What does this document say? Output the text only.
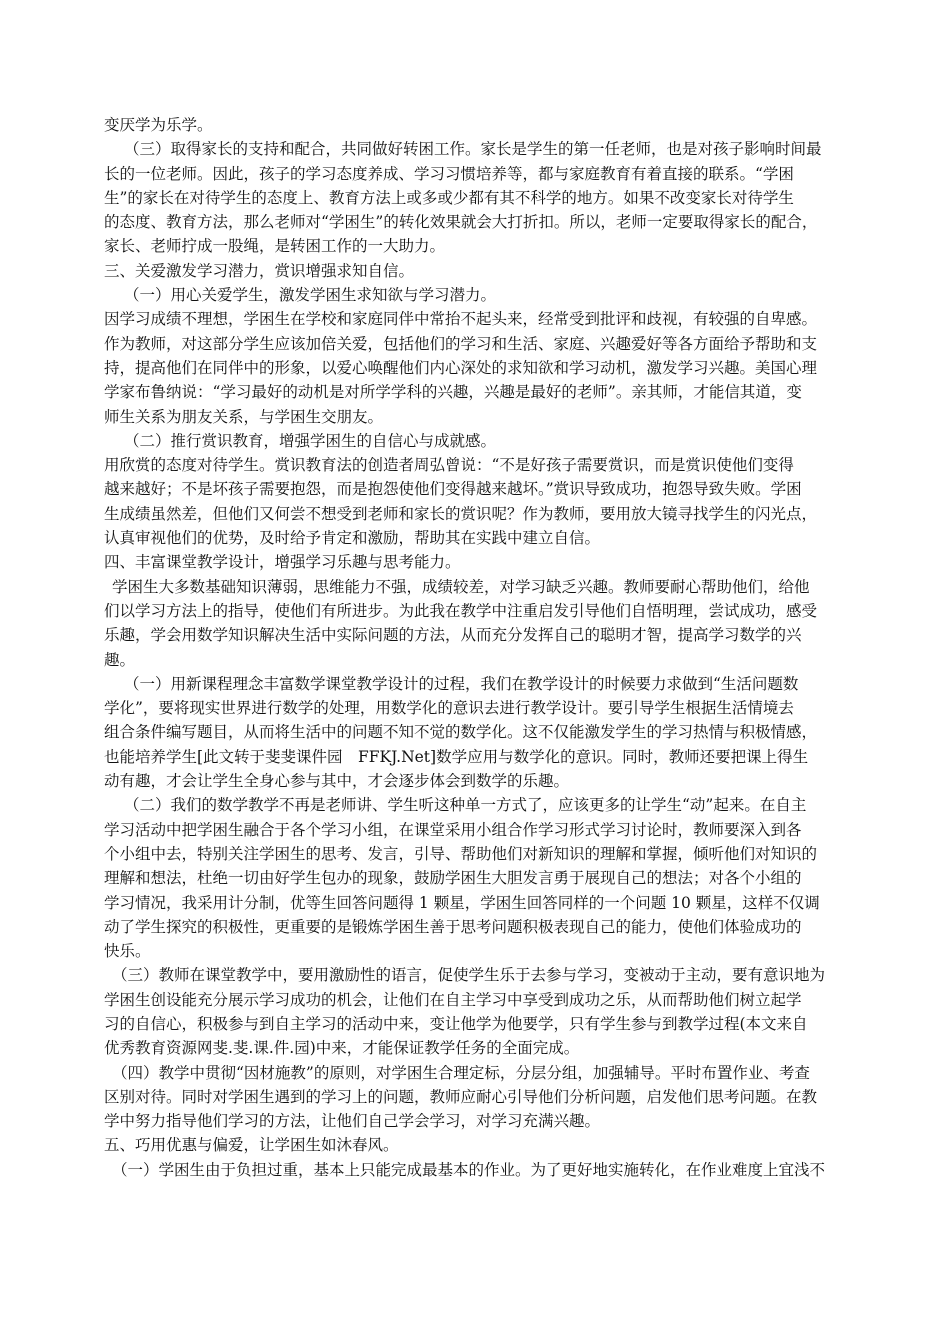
变厌学为乐学。
（三）取得家长的支持和配合，共同做好转困工作。家长是学生的第一任老师，也是对孩子影响时间最
长的一位老师。因此，孩子的学习态度养成、学习习惯培养等，都与家庭教育有着直接的联系。“学困
生”的家长在对待学生的态度上、教育方法上或多或少都有其不科学的地方。如果不改变家长对待学生
的态度、教育方法，那么老师对“学困生”的转化效果就会大打折扣。所以，老师一定要取得家长的配合，
家长、老师拧成一股绳，是转困工作的一大助力。
三、关爱激发学习潜力，赏识增强求知自信。
（一）用心关爱学生，激发学困生求知欲与学习潜力。
因学习成绩不理想，学困生在学校和家庭同伴中常抬不起头来，经常受到批评和歧视，有较强的自卑感。
作为教师，对这部分学生应该加倍关爱，包括他们的学习和生活、家庭、兴趣爱好等各方面给予帮助和支
持，提高他们在同伴中的形象，以爱心唤醒他们内心深处的求知欲和学习动机，激发学习兴趣。美国心理
学家布鲁纳说：“学习最好的动机是对所学学科的兴趣，兴趣是最好的老师”。亲其师，才能信其道，变
师生关系为朋友关系，与学困生交朋友。
（二）推行赏识教育，增强学困生的自信心与成就感。
用欣赏的态度对待学生。赏识教育法的创造者周弘曾说：“不是好孩子需要赏识，而是赏识使他们变得
越来越好；不是坏孩子需要抱怨，而是抱怨使他们变得越来越坏。”赏识导致成功，抱怨导致失败。学困
生成绩虽然差，但他们又何尝不想受到老师和家长的赏识呢？作为教师，要用放大镜寻找学生的闪光点，
认真审视他们的优势，及时给予肯定和激励，帮助其在实践中建立自信。
四、丰富课堂教学设计，增强学习乐趣与思考能力。
学困生大多数基础知识薄弱，思维能力不强，成绩较差，对学习缺乏兴趣。教师要耐心帮助他们，给他
们以学习方法上的指导，使他们有所进步。为此我在教学中注重启发引导他们自悟明理，尝试成功，感受
乐趣，学会用数学知识解决生活中实际问题的方法，从而充分发挥自己的聪明才智，提高学习数学的兴
趣。
（一）用新课程理念丰富数学课堂教学设计的过程，我们在教学设计的时候要力求做到“生活问题数
学化”，要将现实世界进行数学的处理，用数学化的意识去进行教学设计。要引导学生根据生活情境去
组合条件编写题目，从而将生活中的问题不知不觉的数学化。这不仅能激发学生的学习热情与积极情感，
也能培养学生[此文转于斐斐课件园　FFKJ.Net]数学应用与数学化的意识。同时，教师还要把课上得生
动有趣，才会让学生全身心参与其中，才会逐步体会到数学的乐趣。
（二）我们的数学教学不再是老师讲、学生听这种单一方式了，应该更多的让学生“动”起来。在自主
学习活动中把学困生融合于各个学习小组，在课堂采用小组合作学习形式学习讨论时，教师要深入到各
个小组中去，特别关注学困生的思考、发言，引导、帮助他们对新知识的理解和掌握，倾听他们对知识的
理解和想法，杜绝一切由好学生包办的现象，鼓励学困生大胆发言勇于展现自己的想法；对各个小组的
学习情况，我采用计分制，优等生回答问题得 1 颗星，学困生回答同样的一个问题 10 颗星，这样不仅调
动了学生探究的积极性，更重要的是锻炼学困生善于思考问题积极表现自己的能力，使他们体验成功的
快乐。
（三）教师在课堂教学中，要用激励性的语言，促使学生乐于去参与学习，变被动于主动，要有意识地为
学困生创设能充分展示学习成功的机会，让他们在自主学习中享受到成功之乐，从而帮助他们树立起学
习的自信心，积极参与到自主学习的活动中来，变让他学为他要学，只有学生参与到教学过程(本文来自
优秀教育资源网斐.斐.课.件.园)中来，才能保证教学任务的全面完成。
（四）教学中贯彻“因材施教”的原则，对学困生合理定标，分层分组，加强辅导。平时布置作业、考查
区别对待。同时对学困生遇到的学习上的问题，教师应耐心引导他们分析问题，启发他们思考问题。在教
学中努力指导他们学习的方法，让他们自己学会学习，对学习充满兴趣。
五、巧用优惠与偏爱，让学困生如沐春风。
（一）学困生由于负担过重，基本上只能完成最基本的作业。为了更好地实施转化，在作业难度上宜浅不
